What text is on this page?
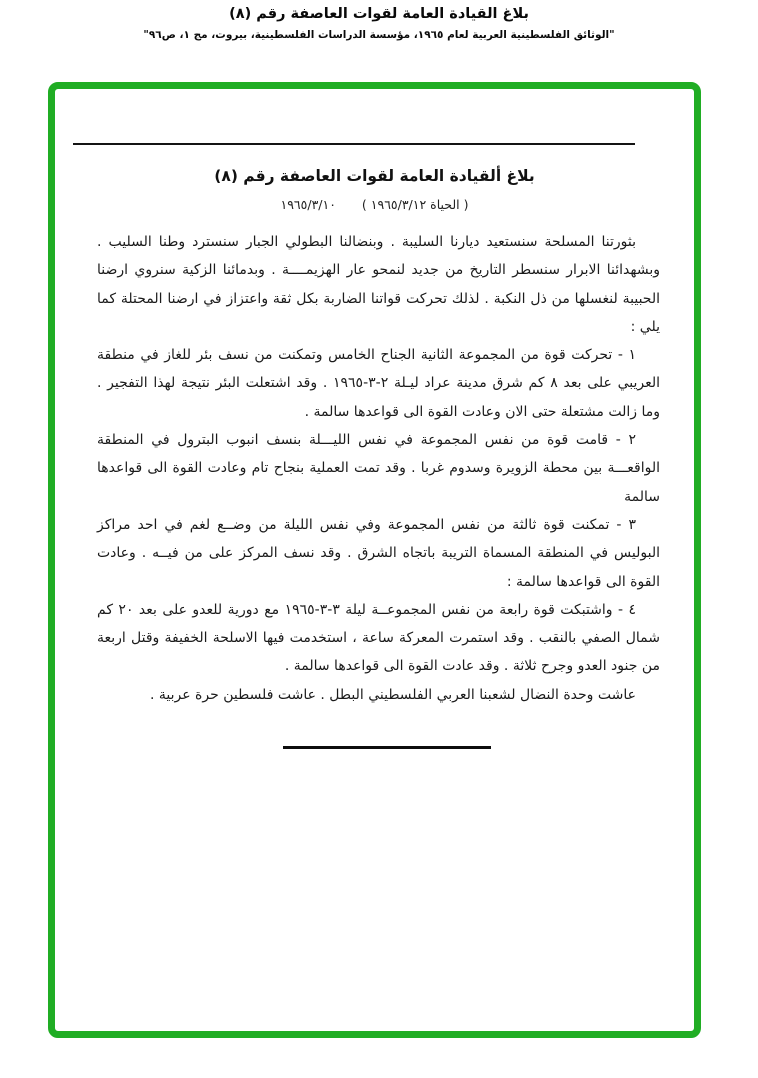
بلاغ القيادة العامة لقوات العاصفة رقم (٨)
"الوثائق الفلسطينية العربية لعام ١٩٦٥، مؤسسة الدراسات الفلسطينية، بيروت، مج ١، ص٩٦"
بلاغ ألقيادة العامة لقوات العاصفة رقم (٨)
( الحياة ١٩٦٥/٣/١٢ )
١٩٦٥/٣/١٠

بثورتنا المسلحة سنستعيد ديارنا السليبة . وبنضالنا البطولي الجبار سنسترد وطنا السليب . وبشهدائنا الابرار سنسطر التاريخ من جديد لنمحو عار الهزيمــــة . وبدمائنا الزكية سنروي ارضنا الحبيبة لنغسلها من ذل النكبة . لذلك تحركت قواتنا الضاربة بكل ثقة واعتزاز في ارضنا المحتلة كما يلي :

١ - تحركت قوة من المجموعة الثانية الجناح الخامس وتمكنت من نسف بئر للغاز في منطقة العريبي على بعد ٨ كم شرق مدينة عراد ليـلة ٢-٣-١٩٦٥ . وقد اشتعلت البئر نتيجة لهذا التفجير . وما زالت مشتعلة حتى الان وعادت القوة الى قواعدها سالمة .

٢ - قامت قوة من نفس المجموعة في نفس الليـــلة بنسف انبوب البترول في المنطقة الواقعـــة بين محطة الزويرة وسدوم غربا . وقد تمت العملية بنجاح تام وعادت القوة الى قواعدها سالمة

٣ - تمكنت قوة ثالثة من نفس المجموعة وفي نفس الليلة من وضــع لغم في احد مراكز البوليس في المنطقة المسماة التريبة باتجاه الشرق . وقد نسف المركز على من فيــه . وعادت القوة الى قواعدها سالمة :

٤ - واشتبكت قوة رابعة من نفس المجموعــة ليلة ٣-٣-١٩٦٥ مع دورية للعدو على بعد ٢٠ كم شمال الصفي بالنقب . وقد استمرت المعركة ساعة ، استخدمت فيها الاسلحة الخفيفة وقتل اربعة من جنود العدو وجرح ثلاثة . وقد عادت القوة الى قواعدها سالمة .

عاشت وحدة النضال لشعبنا العربي الفلسطيني البطل . عاشت فلسطين حرة عربية .
